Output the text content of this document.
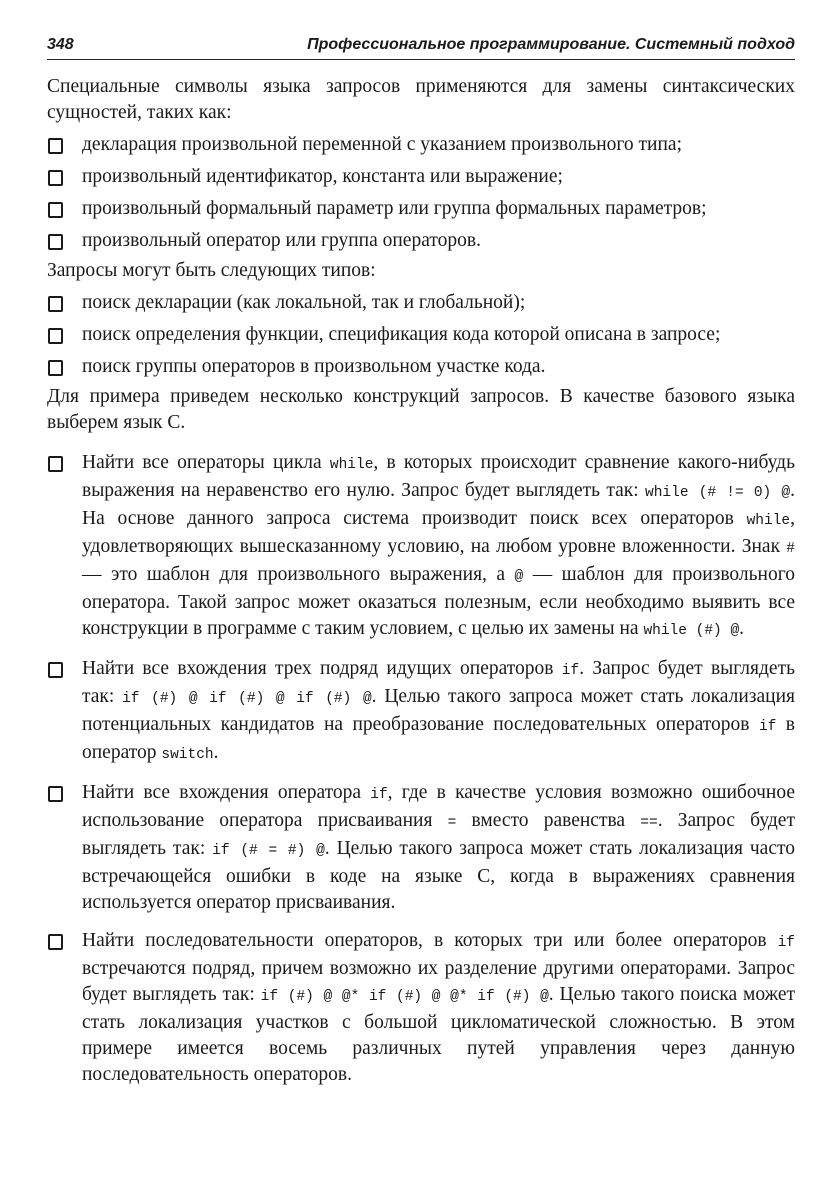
348	Профессиональное программирование. Системный подход

Специальные символы языка запросов применяются для замены синтаксических сущностей, таких как:

декларация произвольной переменной с указанием произвольного типа;
произвольный идентификатор, константа или выражение;
произвольный формальный параметр или группа формальных параметров;
произвольный оператор или группа операторов.

Запросы могут быть следующих типов:

поиск декларации (как локальной, так и глобальной);
поиск определения функции, спецификация кода которой описана в запросе;
поиск группы операторов в произвольном участке кода.

Для примера приведем несколько конструкций запросов. В качестве базового языка выберем язык С.

Найти все операторы цикла while, в которых происходит сравнение какого-нибудь выражения на неравенство его нулю. Запрос будет выглядеть так: while (# != 0) @. На основе данного запроса система производит поиск всех операторов while, удовлетворяющих вышесказанному условию, на любом уровне вложенности. Знак # — это шаблон для произвольного выражения, а @ — шаблон для произвольного оператора. Такой запрос может оказаться полезным, если необходимо выявить все конструкции в программе с таким условием, с целью их замены на while (#) @.
Найти все вхождения трех подряд идущих операторов if. Запрос будет выглядеть так: if (#) @ if (#) @ if (#) @. Целью такого запроса может стать локализация потенциальных кандидатов на преобразование последовательных операторов if в оператор switch.
Найти все вхождения оператора if, где в качестве условия возможно ошибочное использование оператора присваивания = вместо равенства ==. Запрос будет выглядеть так: if (# = #) @. Целью такого запроса может стать локализация часто встречающейся ошибки в коде на языке С, когда в выражениях сравнения используется оператор присваивания.
Найти последовательности операторов, в которых три или более операторов if встречаются подряд, причем возможно их разделение другими операторами. Запрос будет выглядеть так: if (#) @ @* if (#) @ @* if (#) @. Целью такого поиска может стать локализация участков с большой цикломатической сложностью. В этом примере имеется восемь различных путей управления через данную последовательность операторов.
